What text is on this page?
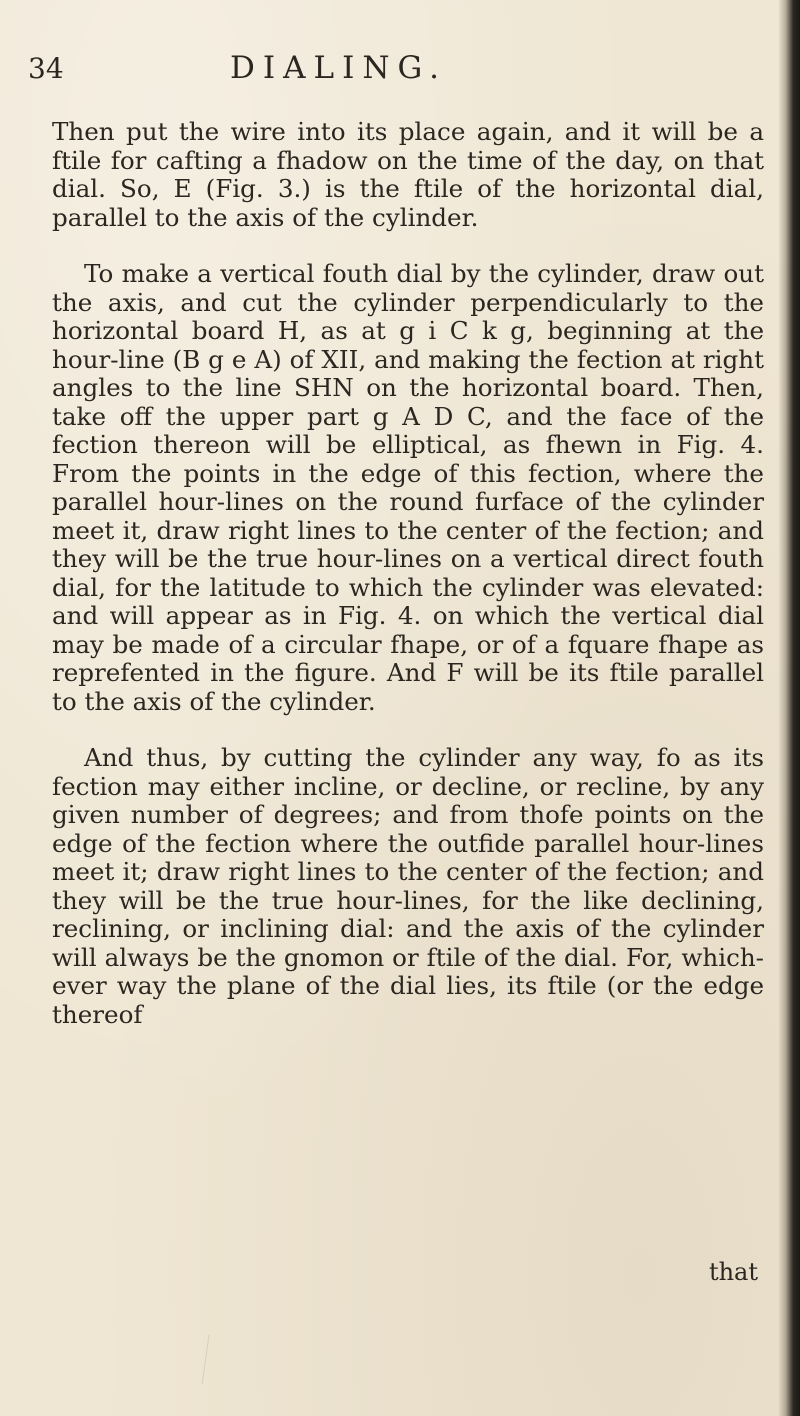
34	DIALING.

Then put the wire into its place again, and it will be a ftile for cafting a fhadow on the time of the day, on that dial. So, E (Fig. 3.) is the ftile of the horizontal dial, parallel to the axis of the cylinder.

To make a vertical fouth dial by the cylinder, draw out the axis, and cut the cylinder perpendicularly to the horizontal board H, as at g i C k g, beginning at the hour-line (B g e A) of XII, and making the fection at right angles to the line SHN on the horizontal board. Then, take off the upper part g A D C, and the face of the fection thereon will be elliptical, as fhewn in Fig. 4. From the points in the edge of this fection, where the parallel hour-lines on the round furface of the cylinder meet it, draw right lines to the center of the fection; and they will be the true hour-lines on a vertical direct fouth dial, for the latitude to which the cylinder was elevated: and will appear as in Fig. 4. on which the vertical dial may be made of a circular fhape, or of a fquare fhape as reprefented in the figure. And F will be its ftile parallel to the axis of the cylinder.

And thus, by cutting the cylinder any way, fo as its fection may either incline, or decline, or recline, by any given number of degrees; and from thofe points on the edge of the fection where the outfide parallel hour-lines meet it; draw right lines to the center of the fection; and they will be the true hour-lines, for the like declining, reclining, or inclining dial: and the axis of the cylinder will always be the gnomon or ftile of the dial. For, which-ever way the plane of the dial lies, its ftile (or the edge thereof

that
